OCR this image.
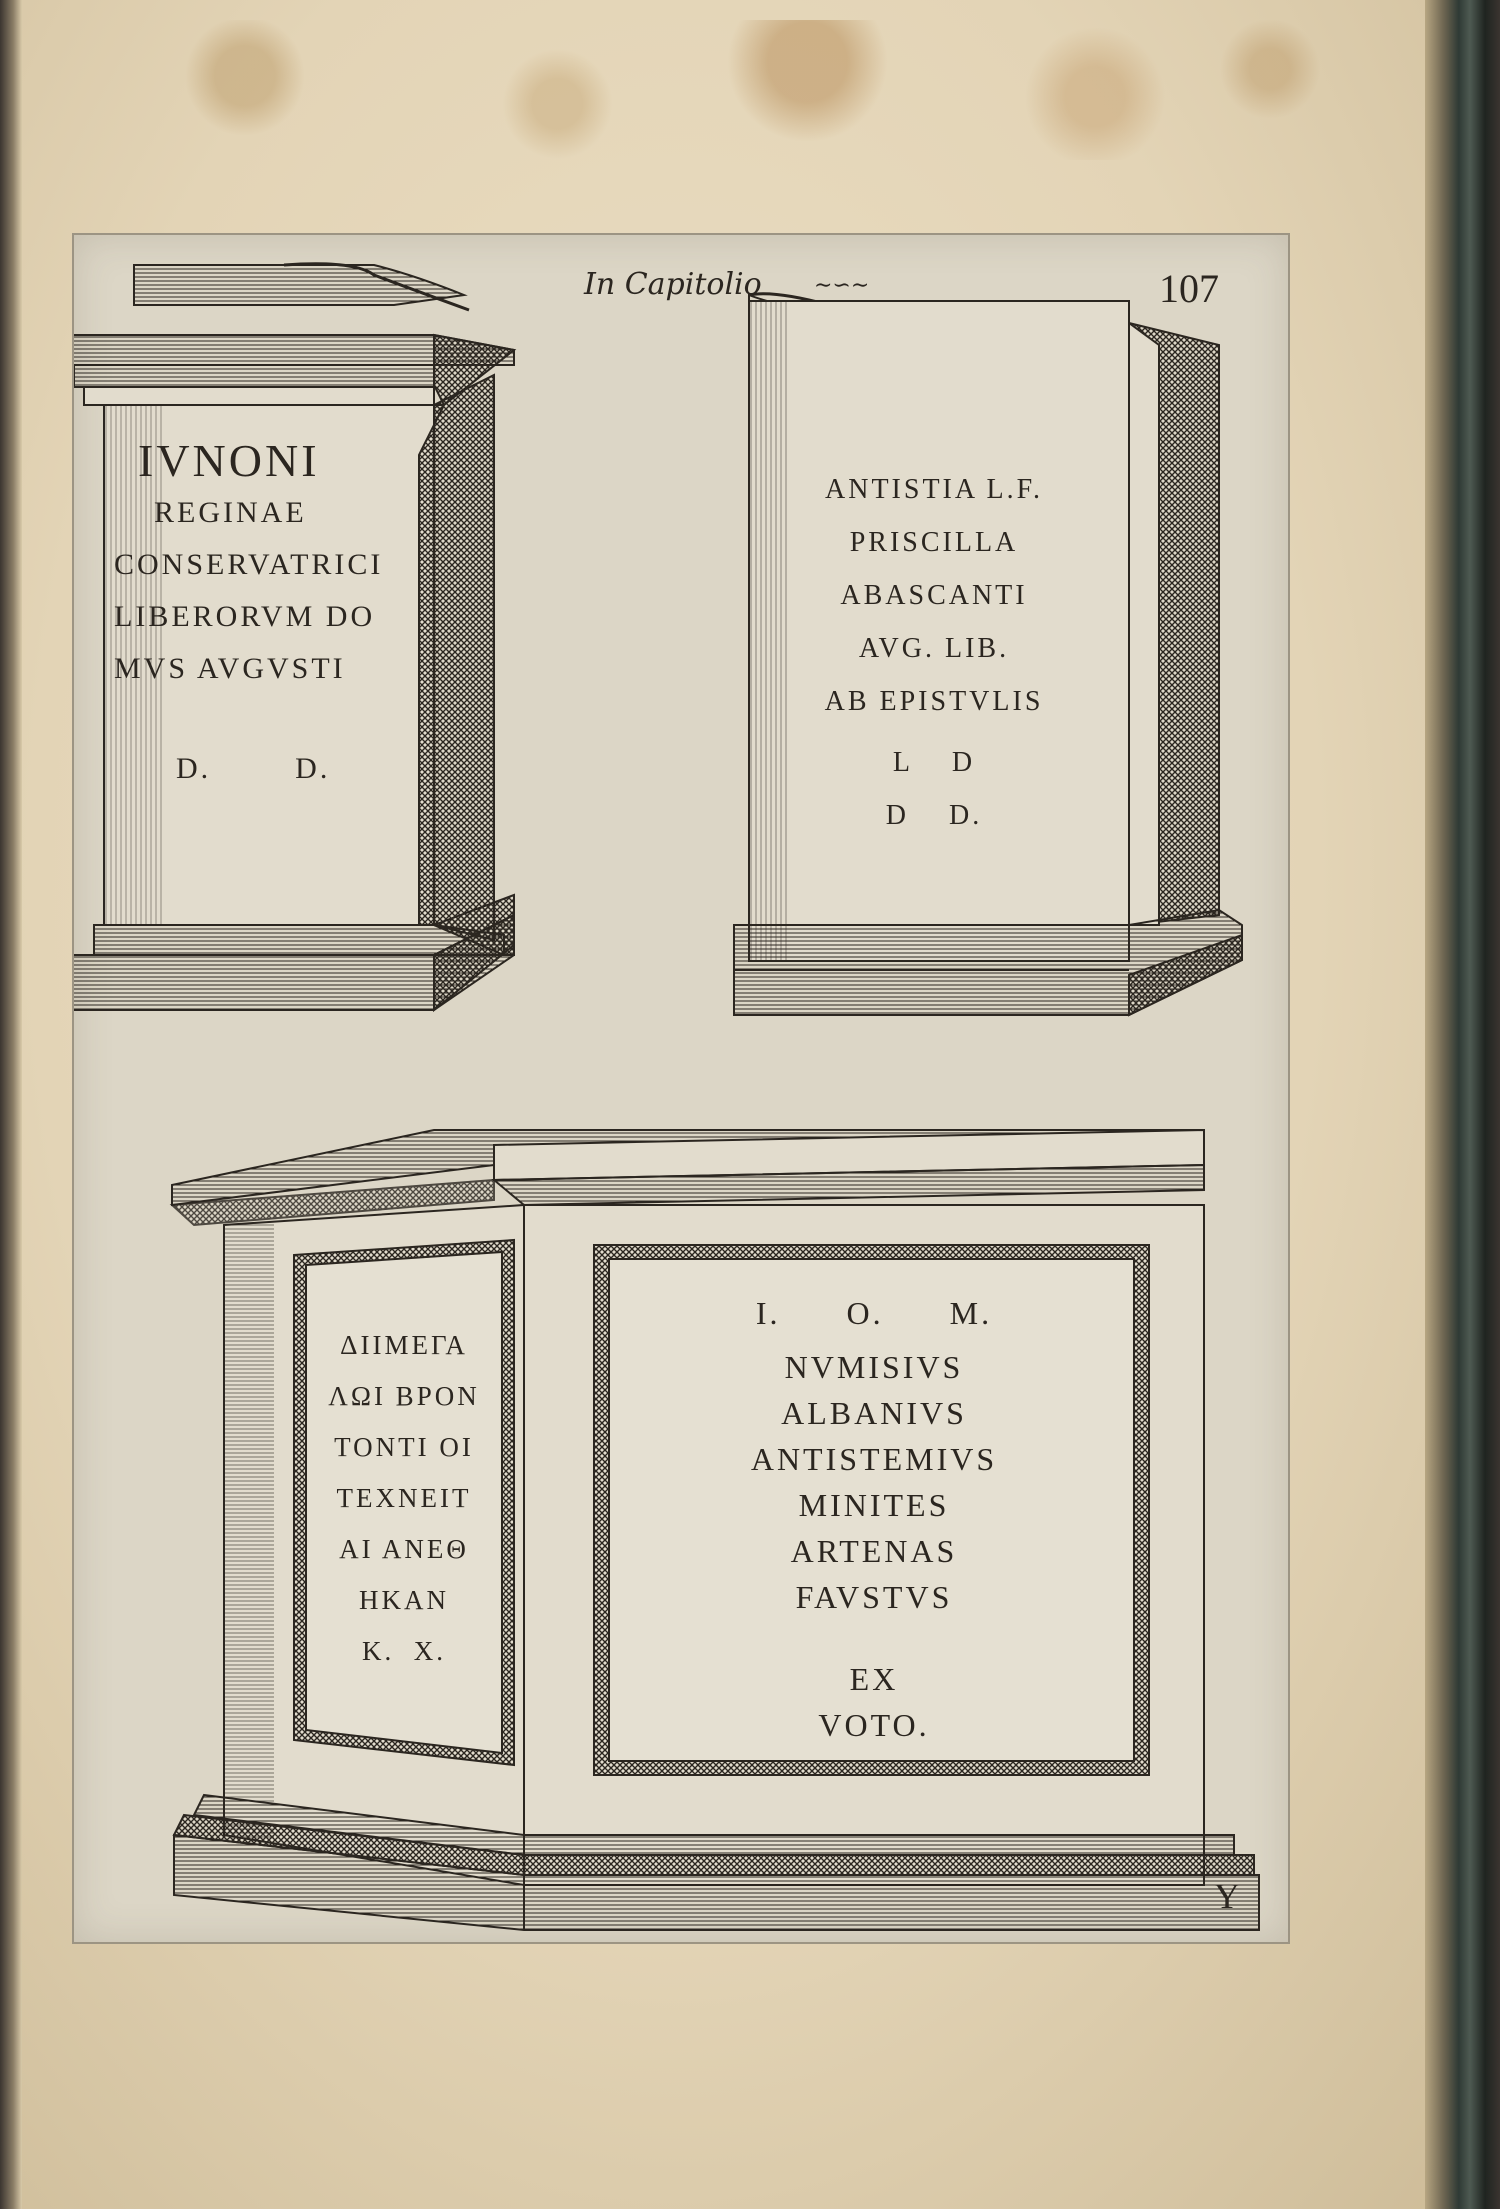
In Capitolio ∼∽∼	107
IVNONI
REGINAE
CONSERVATRICI
LIBERORVM DO
MVS AVGVSTI
D.        D.
ANTISTIA L.F.
PRISCILLA
ABASCANTI
AVG. LIB.
AB EPISTVLIS
L    D
D    D.
ΔΙΙΜΕΓΑ
ΛΩΙ ΒΡΟΝ
ΤΟΝΤΙ ΟΙ
ΤΕΧΝΕΙΤ
ΑΙ ΑΝΕΘ
ΗΚΑΝ
Κ.  Χ.
I.      O.      M.
NVMISIVS
ALBANIVS
ANTISTEMIVS
MINITES
ARTENAS
FAVSTVS
EX
VOTO.
Y
